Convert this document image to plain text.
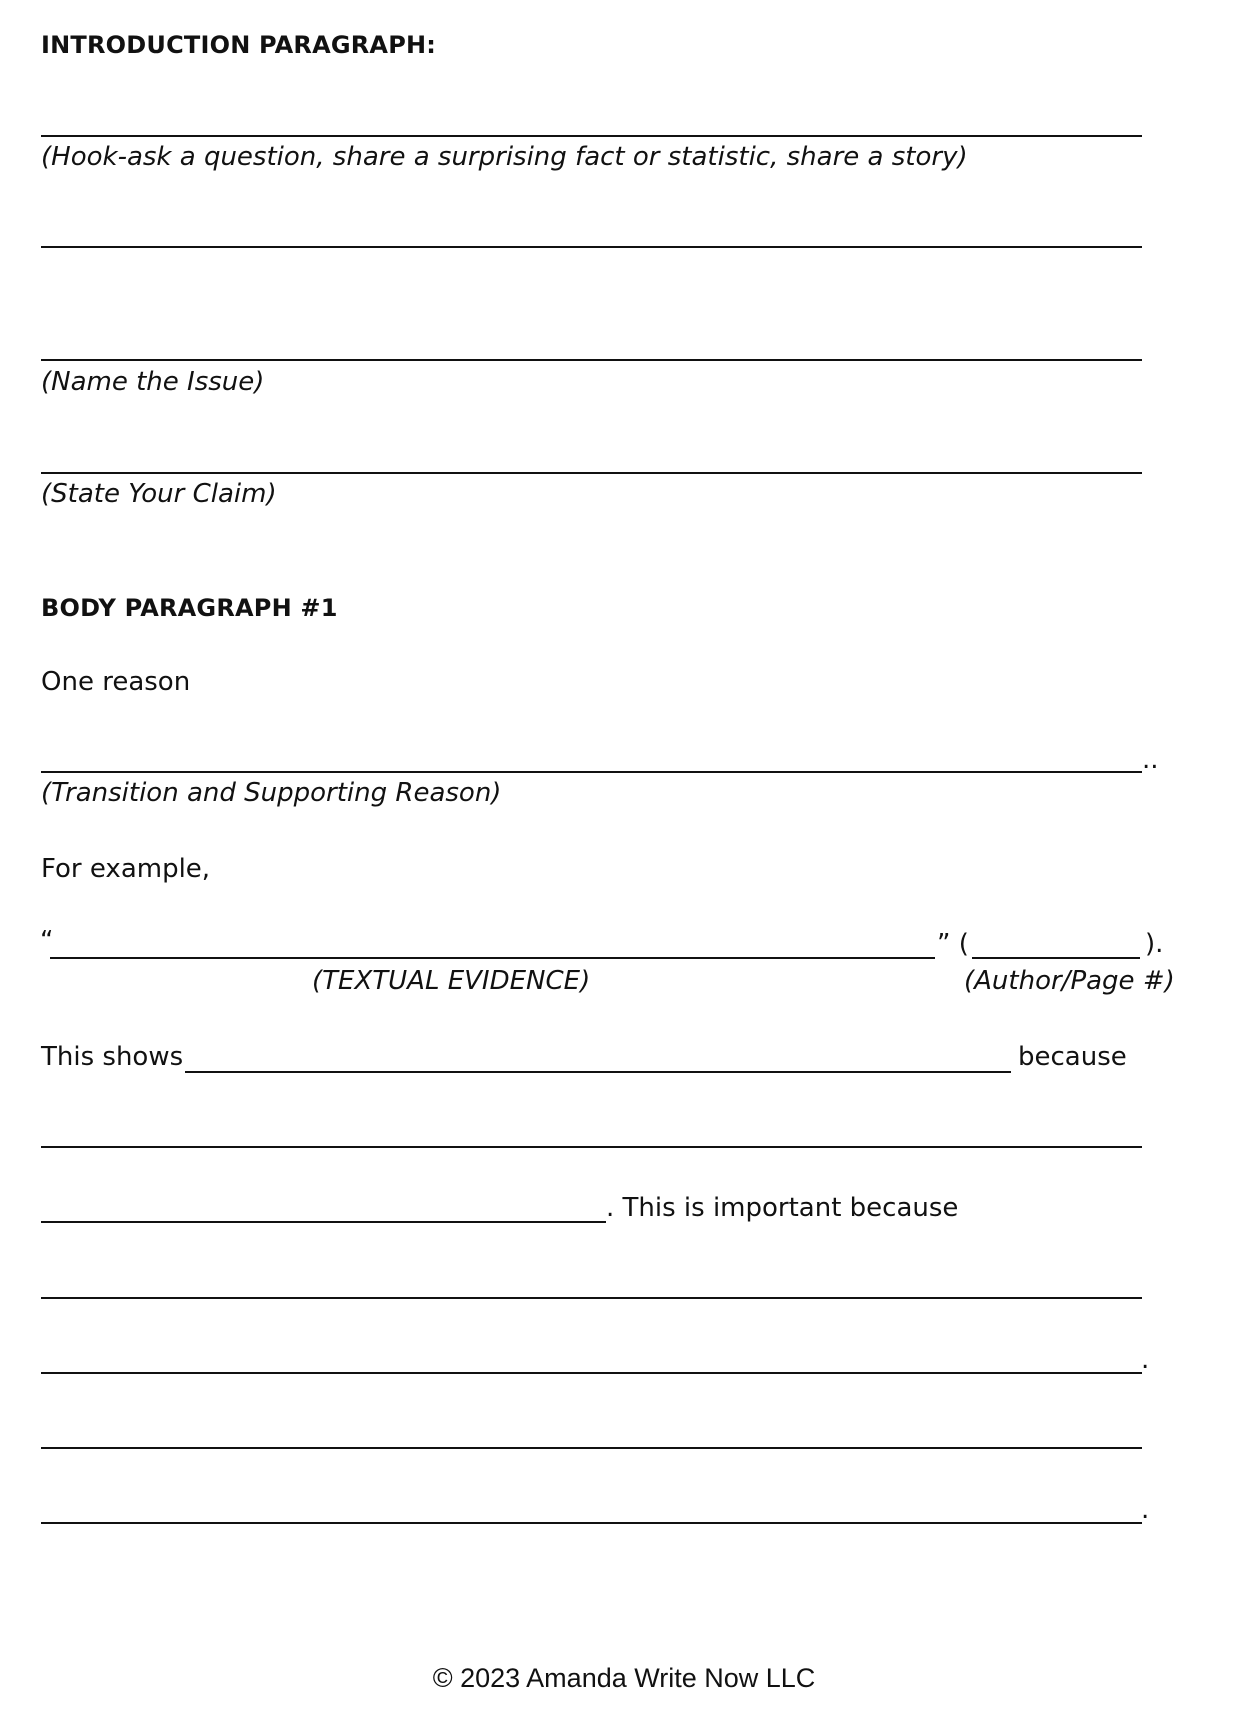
INTRODUCTION PARAGRAPH:
(Hook-ask a question, share a surprising fact or statistic, share a story)
(Name the Issue)
(State Your Claim)
BODY PARAGRAPH #1
One reason
..
(Transition and Supporting Reason)
For example,
“	” (	).
(TEXTUAL EVIDENCE)	(Author/Page #)
This shows	because
. This is important because
.
.
© 2023 Amanda Write Now LLC
